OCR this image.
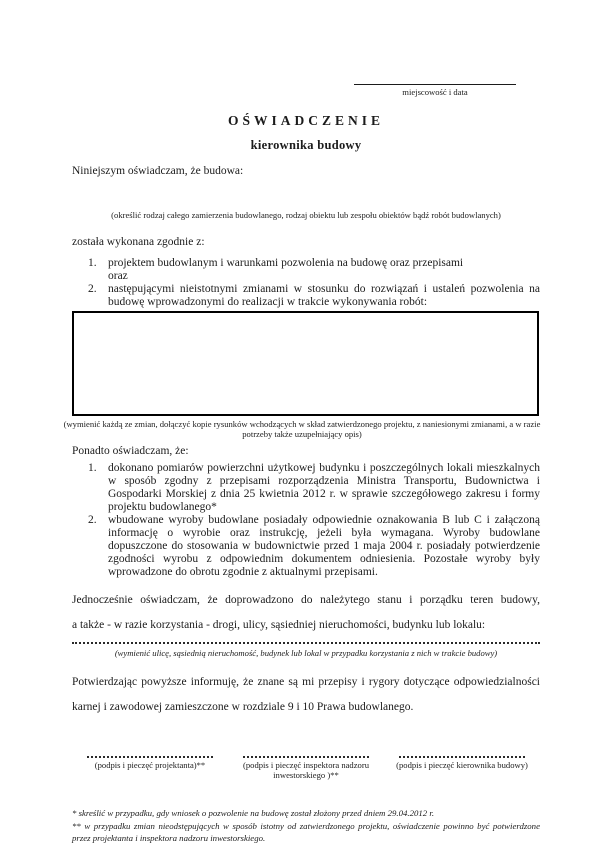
miejscowość i data
OŚWIADCZENIE
kierownika budowy

Niniejszym oświadczam, że budowa:

(określić rodzaj całego zamierzenia budowlanego, rodzaj obiektu lub zespołu obiektów bądź robót budowlanych)

została wykonana zgodnie z:

1. projektem budowlanym i warunkami pozwolenia na budowę oraz przepisami
oraz
2. następującymi nieistotnymi zmianami w stosunku do rozwiązań i ustaleń pozwolenia na budowę wprowadzonymi do realizacji w trakcie wykonywania robót:
(wymienić każdą ze zmian, dołączyć kopie rysunków wchodzących w skład zatwierdzonego projektu, z naniesionymi zmianami, a w razie potrzeby także uzupełniający opis)

Ponadto oświadczam, że:

1. dokonano pomiarów powierzchni użytkowej budynku i poszczególnych lokali mieszkalnych w sposób zgodny z przepisami rozporządzenia Ministra Transportu, Budownictwa i Gospodarki Morskiej z dnia 25 kwietnia 2012 r. w sprawie szczegółowego zakresu i formy projektu budowlanego*
2. wbudowane wyroby budowlane posiadały odpowiednie oznakowania B lub C i załączoną informację o wyrobie oraz instrukcję, jeżeli była wymagana. Wyroby budowlane dopuszczone do stosowania w budownictwie przed 1 maja 2004 r. posiadały potwierdzenie zgodności wyrobu z odpowiednim dokumentem odniesienia. Pozostałe wyroby były wprowadzone do obrotu zgodnie z aktualnymi przepisami.
Jednocześnie oświadczam, że doprowadzono do należytego stanu i porządku teren budowy,
a także - w razie korzystania - drogi, ulicy, sąsiedniej nieruchomości, budynku lub lokalu:
(wymienić ulicę, sąsiednią nieruchomość, budynek lub lokal w przypadku korzystania z nich w trakcie budowy)
Potwierdzając powyższe informuję, że znane są mi przepisy i rygory dotyczące odpowiedzialności
karnej i zawodowej zamieszczone w rozdziale 9 i 10 Prawa budowlanego.
(podpis i pieczęć projektanta)**	(podpis i pieczęć inspektora nadzoru inwestorskiego )**
(podpis i pieczęć kierownika budowy)
* skreślić w przypadku, gdy wniosek o pozwolenie na budowę został złożony przed dniem 29.04.2012 r.
** w przypadku zmian nieodstępujących w sposób istotny od zatwierdzonego projektu, oświadczenie powinno być potwierdzone przez projektanta i inspektora nadzoru inwestorskiego.
